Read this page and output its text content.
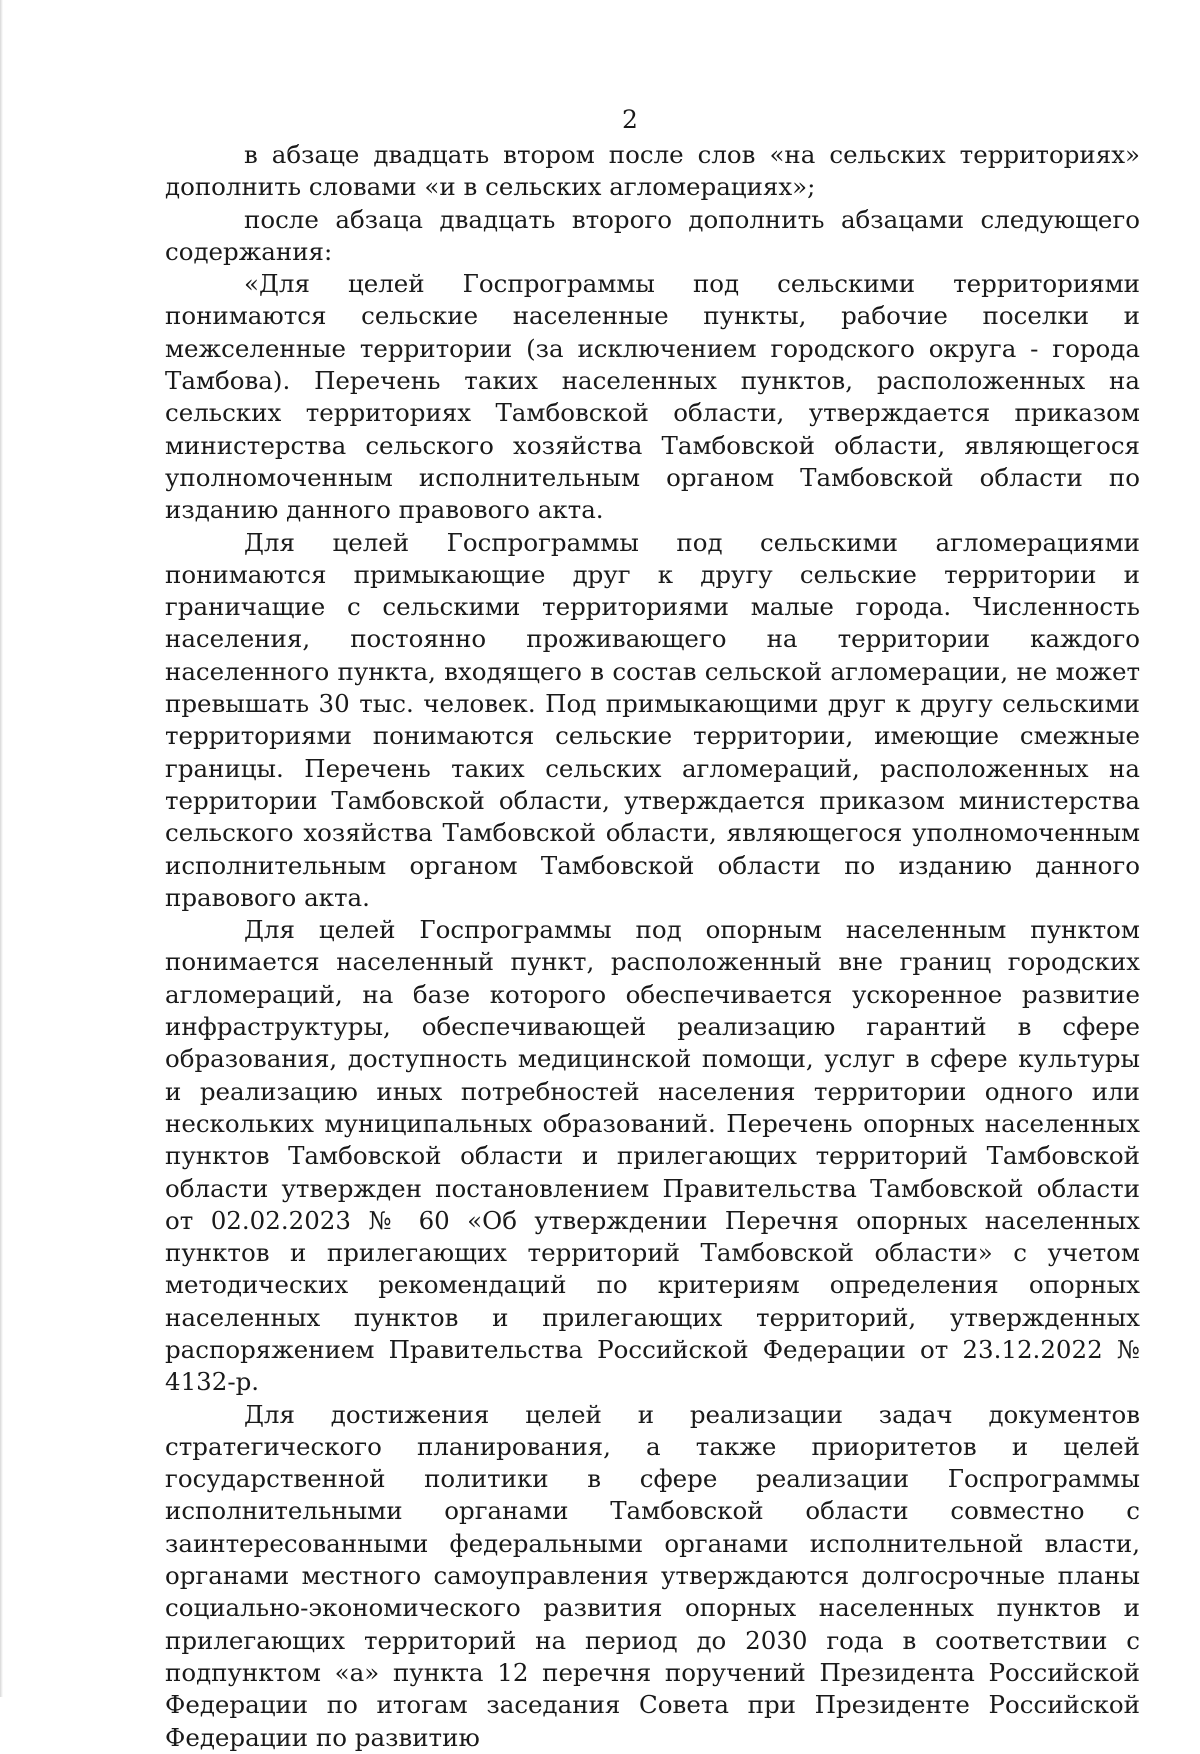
2

в абзаце двадцать втором после слов «на сельских территориях» дополнить словами «и в сельских агломерациях»;

после абзаца двадцать второго дополнить абзацами следующего содержания:

«Для целей Госпрограммы под сельскими территориями понимаются сельские населенные пункты, рабочие поселки и межселенные территории (за исключением городского округа - города Тамбова). Перечень таких населенных пунктов, расположенных на сельских территориях Тамбовской области, утверждается приказом министерства сельского хозяйства Тамбовской области, являющегося уполномоченным исполнительным органом Тамбовской области по изданию данного правового акта.

Для целей Госпрограммы под сельскими агломерациями понимаются примыкающие друг к другу сельские территории и граничащие с сельскими территориями малые города. Численность населения, постоянно проживающего на территории каждого населенного пункта, входящего в состав сельской агломерации, не может превышать 30 тыс. человек. Под примыкающими друг к другу сельскими территориями понимаются сельские территории, имеющие смежные границы. Перечень таких сельских агломераций, расположенных на территории Тамбовской области, утверждается приказом министерства сельского хозяйства Тамбовской области, являющегося уполномоченным исполнительным органом Тамбовской области по изданию данного правового акта.

Для целей Госпрограммы под опорным населенным пунктом понимается населенный пункт, расположенный вне границ городских агломераций, на базе которого обеспечивается ускоренное развитие инфраструктуры, обеспечивающей реализацию гарантий в сфере образования, доступность медицинской помощи, услуг в сфере культуры и реализацию иных потребностей населения территории одного или нескольких муниципальных образований. Перечень опорных населенных пунктов Тамбовской области и прилегающих территорий Тамбовской области утвержден постановлением Правительства Тамбовской области от 02.02.2023 № 60 «Об утверждении Перечня опорных населенных пунктов и прилегающих территорий Тамбовской области» с учетом методических рекомендаций по критериям определения опорных населенных пунктов и прилегающих территорий, утвержденных распоряжением Правительства Российской Федерации от 23.12.2022 № 4132-р.

Для достижения целей и реализации задач документов стратегического планирования, а также приоритетов и целей государственной политики в сфере реализации Госпрограммы исполнительными органами Тамбовской области совместно с заинтересованными федеральными органами исполнительной власти, органами местного самоуправления утверждаются долгосрочные планы социально-экономического развития опорных населенных пунктов и прилегающих территорий на период до 2030 года в соответствии с подпунктом «а» пункта 12 перечня поручений Президента Российской Федерации по итогам заседания Совета при Президенте Российской Федерации по развитию
